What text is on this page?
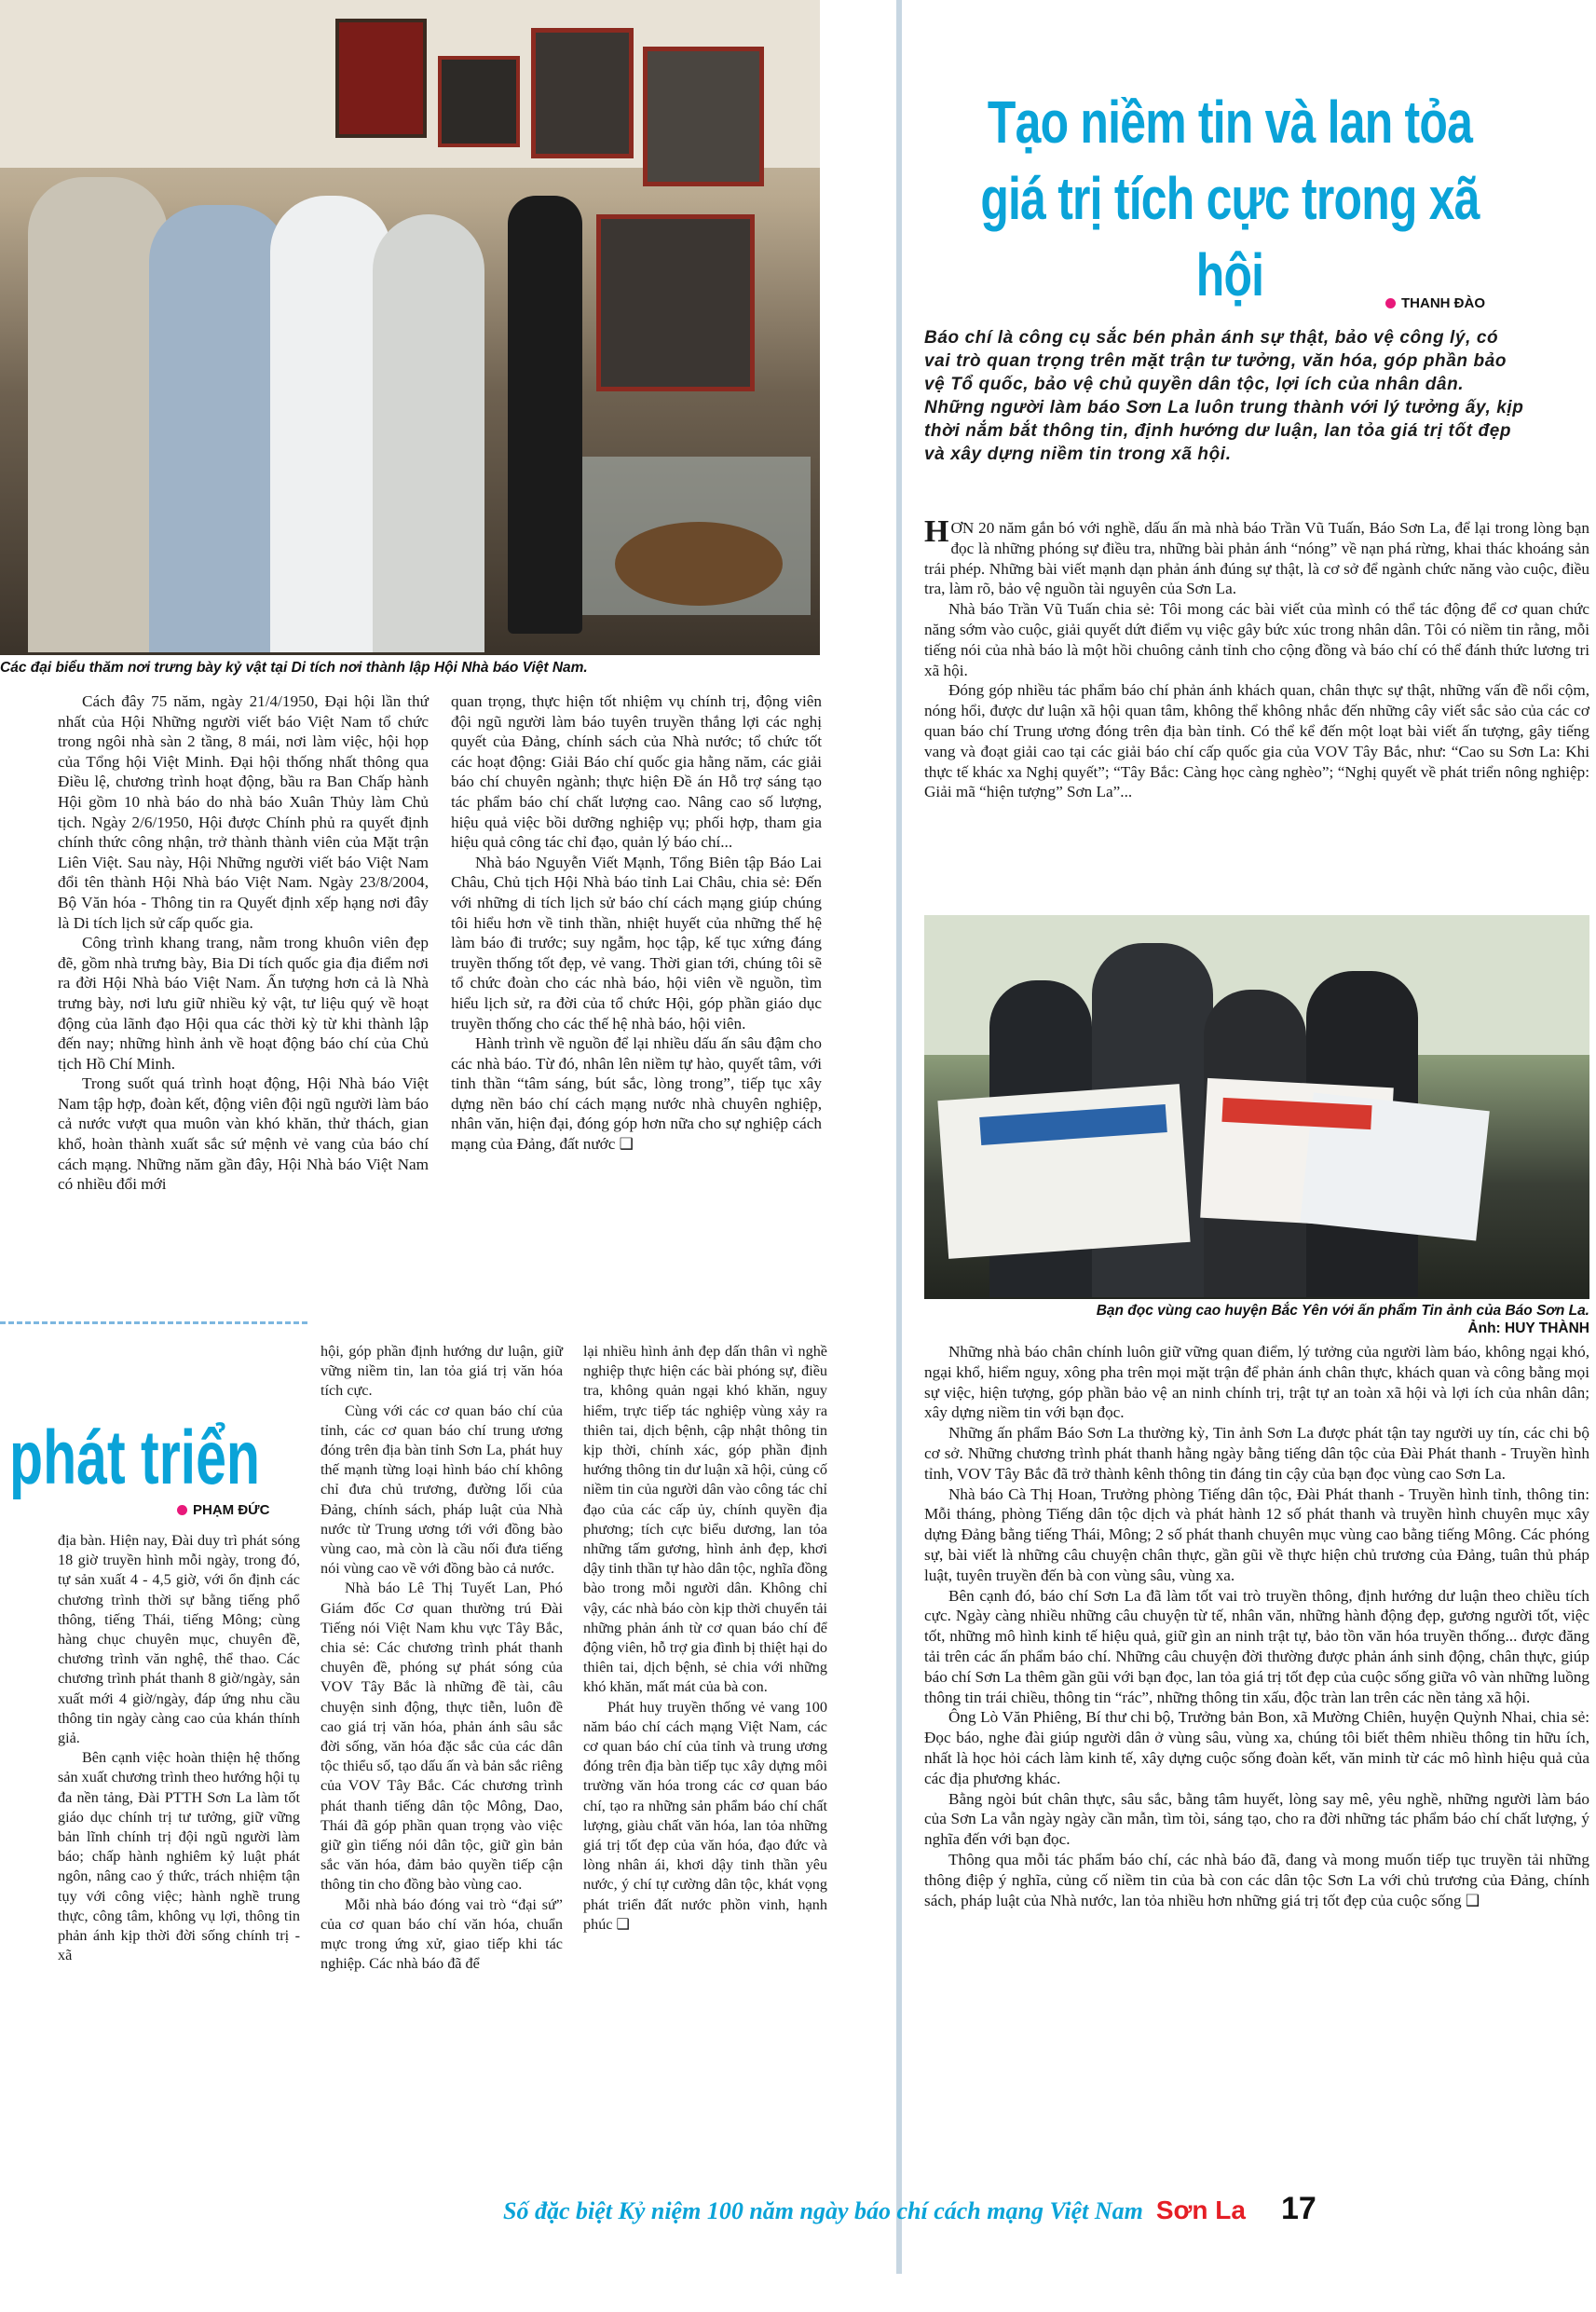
Các đại biểu thăm nơi trưng bày kỷ vật tại Di tích nơi thành lập Hội Nhà báo Việt Nam.

Cách đây 75 năm, ngày 21/4/1950, Đại hội lần thứ nhất của Hội Những người viết báo Việt Nam tổ chức trong ngôi nhà sàn 2 tầng, 8 mái, nơi làm việc, hội họp của Tổng hội Việt Minh. Đại hội thống nhất thông qua Điều lệ, chương trình hoạt động, bầu ra Ban Chấp hành Hội gồm 10 nhà báo do nhà báo Xuân Thủy làm Chủ tịch. Ngày 2/6/1950, Hội được Chính phủ ra quyết định chính thức công nhận, trở thành thành viên của Mặt trận Liên Việt. Sau này, Hội Những người viết báo Việt Nam đổi tên thành Hội Nhà báo Việt Nam. Ngày 23/8/2004, Bộ Văn hóa - Thông tin ra Quyết định xếp hạng nơi đây là Di tích lịch sử cấp quốc gia.

Công trình khang trang, nằm trong khuôn viên đẹp đẽ, gồm nhà trưng bày, Bia Di tích quốc gia địa điểm nơi ra đời Hội Nhà báo Việt Nam. Ấn tượng hơn cả là Nhà trưng bày, nơi lưu giữ nhiều kỷ vật, tư liệu quý về hoạt động của lãnh đạo Hội qua các thời kỳ từ khi thành lập đến nay; những hình ảnh về hoạt động báo chí của Chủ tịch Hồ Chí Minh.

Trong suốt quá trình hoạt động, Hội Nhà báo Việt Nam tập hợp, đoàn kết, động viên đội ngũ người làm báo cả nước vượt qua muôn vàn khó khăn, thử thách, gian khổ, hoàn thành xuất sắc sứ mệnh vẻ vang của báo chí cách mạng. Những năm gần đây, Hội Nhà báo Việt Nam có nhiều đổi mới

quan trọng, thực hiện tốt nhiệm vụ chính trị, động viên đội ngũ người làm báo tuyên truyền thắng lợi các nghị quyết của Đảng, chính sách của Nhà nước; tổ chức tốt các hoạt động: Giải Báo chí quốc gia hằng năm, các giải báo chí chuyên ngành; thực hiện Đề án Hỗ trợ sáng tạo tác phẩm báo chí chất lượng cao. Nâng cao số lượng, hiệu quả việc bồi dưỡng nghiệp vụ; phối hợp, tham gia hiệu quả công tác chỉ đạo, quản lý báo chí...

Nhà báo Nguyễn Viết Mạnh, Tổng Biên tập Báo Lai Châu, Chủ tịch Hội Nhà báo tỉnh Lai Châu, chia sẻ: Đến với những di tích lịch sử báo chí cách mạng giúp chúng tôi hiểu hơn về tinh thần, nhiệt huyết của những thế hệ làm báo đi trước; suy ngẫm, học tập, kế tục xứng đáng truyền thống tốt đẹp, vẻ vang. Thời gian tới, chúng tôi sẽ tổ chức đoàn cho các nhà báo, hội viên về nguồn, tìm hiểu lịch sử, ra đời của tổ chức Hội, góp phần giáo dục truyền thống cho các thế hệ nhà báo, hội viên.

Hành trình về nguồn để lại nhiều dấu ấn sâu đậm cho các nhà báo. Từ đó, nhân lên niềm tự hào, quyết tâm, với tinh thần “tâm sáng, bút sắc, lòng trong”, tiếp tục xây dựng nền báo chí cách mạng nước nhà chuyên nghiệp, nhân văn, hiện đại, đóng góp hơn nữa cho sự nghiệp cách mạng của Đảng, đất nước ❑

phát triển
PHẠM ĐỨC

địa bàn. Hiện nay, Đài duy trì phát sóng 18 giờ truyền hình mỗi ngày, trong đó, tự sản xuất 4 - 4,5 giờ, với ổn định các chương trình thời sự bằng tiếng phổ thông, tiếng Thái, tiếng Mông; cùng hàng chục chuyên mục, chuyên đề, chương trình văn nghệ, thể thao. Các chương trình phát thanh 8 giờ/ngày, sản xuất mới 4 giờ/ngày, đáp ứng nhu cầu thông tin ngày càng cao của khán thính giả.

Bên cạnh việc hoàn thiện hệ thống sản xuất chương trình theo hướng hội tụ đa nền tảng, Đài PTTH Sơn La làm tốt giáo dục chính trị tư tưởng, giữ vững bản lĩnh chính trị đội ngũ người làm báo; chấp hành nghiêm kỷ luật phát ngôn, nâng cao ý thức, trách nhiệm tận tụy với công việc; hành nghề trung thực, công tâm, không vụ lợi, thông tin phản ánh kịp thời đời sống chính trị - xã

hội, góp phần định hướng dư luận, giữ vững niềm tin, lan tỏa giá trị văn hóa tích cực.

Cùng với các cơ quan báo chí của tỉnh, các cơ quan báo chí trung ương đóng trên địa bàn tỉnh Sơn La, phát huy thế mạnh từng loại hình báo chí không chỉ đưa chủ trương, đường lối của Đảng, chính sách, pháp luật của Nhà nước từ Trung ương tới với đồng bào vùng cao, mà còn là cầu nối đưa tiếng nói vùng cao về với đồng bào cả nước.

Nhà báo Lê Thị Tuyết Lan, Phó Giám đốc Cơ quan thường trú Đài Tiếng nói Việt Nam khu vực Tây Bắc, chia sẻ: Các chương trình phát thanh chuyên đề, phóng sự phát sóng của VOV Tây Bắc là những đề tài, câu chuyện sinh động, thực tiễn, luôn đề cao giá trị văn hóa, phản ánh sâu sắc đời sống, văn hóa đặc sắc của các dân tộc thiểu số, tạo dấu ấn và bản sắc riêng của VOV Tây Bắc. Các chương trình phát thanh tiếng dân tộc Mông, Dao, Thái đã góp phần quan trọng vào việc giữ gìn tiếng nói dân tộc, giữ gìn bản sắc văn hóa, đảm bảo quyền tiếp cận thông tin cho đồng bào vùng cao.

Mỗi nhà báo đóng vai trò “đại sứ” của cơ quan báo chí văn hóa, chuẩn mực trong ứng xử, giao tiếp khi tác nghiệp. Các nhà báo đã để

lại nhiều hình ảnh đẹp dấn thân vì nghề nghiệp thực hiện các bài phóng sự, điều tra, không quản ngại khó khăn, nguy hiểm, trực tiếp tác nghiệp vùng xảy ra thiên tai, dịch bệnh, cập nhật thông tin kịp thời, chính xác, góp phần định hướng thông tin dư luận xã hội, củng cố niềm tin của người dân vào công tác chỉ đạo của các cấp ủy, chính quyền địa phương; tích cực biểu dương, lan tỏa những tấm gương, hình ảnh đẹp, khơi dậy tinh thần tự hào dân tộc, nghĩa đồng bào trong mỗi người dân. Không chỉ vậy, các nhà báo còn kịp thời chuyển tải những phản ánh từ cơ quan báo chí để động viên, hỗ trợ gia đình bị thiệt hại do thiên tai, dịch bệnh, sẻ chia với những khó khăn, mất mát của bà con.

Phát huy truyền thống vẻ vang 100 năm báo chí cách mạng Việt Nam, các cơ quan báo chí của tỉnh và trung ương đóng trên địa bàn tiếp tục xây dựng môi trường văn hóa trong các cơ quan báo chí, tạo ra những sản phẩm báo chí chất lượng, giàu chất văn hóa, lan tỏa những giá trị tốt đẹp của văn hóa, đạo đức và lòng nhân ái, khơi dậy tinh thần yêu nước, ý chí tự cường dân tộc, khát vọng phát triển đất nước phồn vinh, hạnh phúc ❑

Tạo niềm tin và lan tỏa
giá trị tích cực trong xã hội	THANH ĐÀO
Báo chí là công cụ sắc bén phản ánh sự thật, bảo vệ công lý, có vai trò quan trọng trên mặt trận tư tưởng, văn hóa, góp phần bảo vệ Tổ quốc, bảo vệ chủ quyền dân tộc, lợi ích của nhân dân. Những người làm báo Sơn La luôn trung thành với lý tưởng ấy, kịp thời nắm bắt thông tin, định hướng dư luận, lan tỏa giá trị tốt đẹp và xây dựng niềm tin trong xã hội.

HƠN 20 năm gắn bó với nghề, dấu ấn mà nhà báo Trần Vũ Tuấn, Báo Sơn La, để lại trong lòng bạn đọc là những phóng sự điều tra, những bài phản ánh “nóng” về nạn phá rừng, khai thác khoáng sản trái phép. Những bài viết mạnh dạn phản ánh đúng sự thật, là cơ sở để ngành chức năng vào cuộc, điều tra, làm rõ, bảo vệ nguồn tài nguyên của Sơn La.

Nhà báo Trần Vũ Tuấn chia sẻ: Tôi mong các bài viết của mình có thể tác động để cơ quan chức năng sớm vào cuộc, giải quyết dứt điểm vụ việc gây bức xúc trong nhân dân. Tôi có niềm tin rằng, mỗi tiếng nói của nhà báo là một hồi chuông cảnh tỉnh cho cộng đồng và báo chí có thể đánh thức lương tri xã hội.

Đóng góp nhiều tác phẩm báo chí phản ánh khách quan, chân thực sự thật, những vấn đề nổi cộm, nóng hổi, được dư luận xã hội quan tâm, không thể không nhắc đến những cây viết sắc sảo của các cơ quan báo chí Trung ương đóng trên địa bàn tỉnh. Có thể kể đến một loạt bài viết ấn tượng, gây tiếng vang và đoạt giải cao tại các giải báo chí cấp quốc gia của VOV Tây Bắc, như: “Cao su Sơn La: Khi thực tế khác xa Nghị quyết”; “Tây Bắc: Càng học càng nghèo”; “Nghị quyết về phát triển nông nghiệp: Giải mã “hiện tượng” Sơn La”...

Bạn đọc vùng cao huyện Bắc Yên với ấn phẩm Tin ảnh của Báo Sơn La.
Ảnh: HUY THÀNH

Những nhà báo chân chính luôn giữ vững quan điểm, lý tưởng của người làm báo, không ngại khó, ngại khổ, hiểm nguy, xông pha trên mọi mặt trận để phản ánh chân thực, khách quan và công bằng mọi sự việc, hiện tượng, góp phần bảo vệ an ninh chính trị, trật tự an toàn xã hội và lợi ích của nhân dân; xây dựng niềm tin với bạn đọc.

Những ấn phẩm Báo Sơn La thường kỳ, Tin ảnh Sơn La được phát tận tay người uy tín, các chi bộ cơ sở. Những chương trình phát thanh hằng ngày bằng tiếng dân tộc của Đài Phát thanh - Truyền hình tỉnh, VOV Tây Bắc đã trở thành kênh thông tin đáng tin cậy của bạn đọc vùng cao Sơn La.

Nhà báo Cà Thị Hoan, Trưởng phòng Tiếng dân tộc, Đài Phát thanh - Truyền hình tỉnh, thông tin: Mỗi tháng, phòng Tiếng dân tộc dịch và phát hành 12 số phát thanh và truyền hình chuyên mục xây dựng Đảng bằng tiếng Thái, Mông; 2 số phát thanh chuyên mục vùng cao bằng tiếng Mông. Các phóng sự, bài viết là những câu chuyện chân thực, gần gũi về thực hiện chủ trương của Đảng, tuân thủ pháp luật, tuyên truyền đến bà con vùng sâu, vùng xa.

Bên cạnh đó, báo chí Sơn La đã làm tốt vai trò truyền thông, định hướng dư luận theo chiều tích cực. Ngày càng nhiều những câu chuyện từ tế, nhân văn, những hành động đẹp, gương người tốt, việc tốt, những mô hình kinh tế hiệu quả, giữ gìn an ninh trật tự, bảo tồn văn hóa truyền thống... được đăng tải trên các ấn phẩm báo chí. Những câu chuyện đời thường được phản ánh sinh động, chân thực, giúp báo chí Sơn La thêm gần gũi với bạn đọc, lan tỏa giá trị tốt đẹp của cuộc sống giữa vô vàn những luồng thông tin trái chiều, thông tin “rác”, những thông tin xấu, độc tràn lan trên các nền tảng xã hội.

Ông Lò Văn Phiêng, Bí thư chi bộ, Trưởng bản Bon, xã Mường Chiên, huyện Quỳnh Nhai, chia sẻ: Đọc báo, nghe đài giúp người dân ở vùng sâu, vùng xa, chúng tôi biết thêm nhiều thông tin hữu ích, nhất là học hỏi cách làm kinh tế, xây dựng cuộc sống đoàn kết, văn minh từ các mô hình hiệu quả của các địa phương khác.

Bằng ngòi bút chân thực, sâu sắc, bằng tâm huyết, lòng say mê, yêu nghề, những người làm báo của Sơn La vẫn ngày ngày cần mẫn, tìm tòi, sáng tạo, cho ra đời những tác phẩm báo chí chất lượng, ý nghĩa đến với bạn đọc.

Thông qua mỗi tác phẩm báo chí, các nhà báo đã, đang và mong muốn tiếp tục truyền tải những thông điệp ý nghĩa, củng cố niềm tin của bà con các dân tộc Sơn La với chủ trương của Đảng, chính sách, pháp luật của Nhà nước, lan tỏa nhiều hơn những giá trị tốt đẹp của cuộc sống ❑

Số đặc biệt Kỷ niệm 100 năm ngày báo chí cách mạng Việt Nam Sơn La 17
